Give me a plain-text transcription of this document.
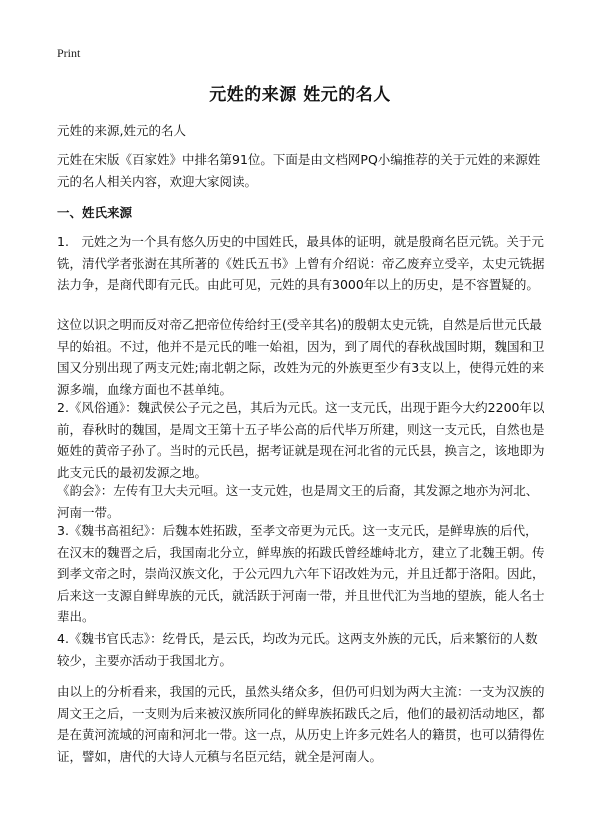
Print
元姓的来源 姓元的名人

元姓的来源,姓元的名人

元姓在宋版《百家姓》中排名第91位。下面是由文档网PQ小编推荐的关于元姓的来源姓元的名人相关内容，欢迎大家阅读。

一、姓氏来源

1.　元姓之为一个具有悠久历史的中国姓氏，最具体的证明，就是殷商名臣元铣。关于元铣，清代学者张澍在其所著的《姓氏五书》上曾有介绍说：帝乙废弃立受辛，太史元铣据法力争，是商代即有元氏。由此可见，元姓的具有3000年以上的历史，是不容置疑的。

这位以识之明而反对帝乙把帝位传给纣王(受辛其名)的殷朝太史元铣，自然是后世元氏最早的始祖。不过，他并不是元氏的唯一始祖，因为，到了周代的春秋战国时期，魏国和卫国又分别出现了两支元姓;南北朝之际，改姓为元的外族更至少有3支以上，使得元姓的来源多端，血缘方面也不甚单纯。

2.《风俗通》：魏武侯公子元之邑，其后为元氏。这一支元氏，出现于距今大约2200年以前，春秋时的魏国，是周文王第十五子毕公高的后代毕万所建，则这一支元氏，自然也是姬姓的黄帝子孙了。当时的元氏邑，据考证就是现在河北省的元氏县，换言之，该地即为此支元氏的最初发源之地。

《韵会》：左传有卫大夫元咺。这一支元姓，也是周文王的后裔，其发源之地亦为河北、河南一带。

3.《魏书高祖纪》：后魏本姓拓跋，至孝文帝更为元氏。这一支元氏，是鲜卑族的后代，在汉末的魏晋之后，我国南北分立，鲜卑族的拓跋氏曾经雄峙北方，建立了北魏王朝。传到孝文帝之时，崇尚汉族文化，于公元四九六年下诏改姓为元，并且迁都于洛阳。因此，后来这一支源自鲜卑族的元氏，就活跃于河南一带，并且世代汇为当地的望族，能人名士辈出。

4.《魏书官氏志》：纥骨氏，是云氏，均改为元氏。这两支外族的元氏，后来繁衍的人数较少，主要亦活动于我国北方。

由以上的分析看来，我国的元氏，虽然头绪众多，但仍可归划为两大主流：一支为汉族的周文王之后，一支则为后来被汉族所同化的鲜卑族拓跋氏之后，他们的最初活动地区，都是在黄河流域的河南和河北一带。这一点，从历史上许多元姓名人的籍贯，也可以猜得佐证，譬如，唐代的大诗人元稹与名臣元结，就全是河南人。
